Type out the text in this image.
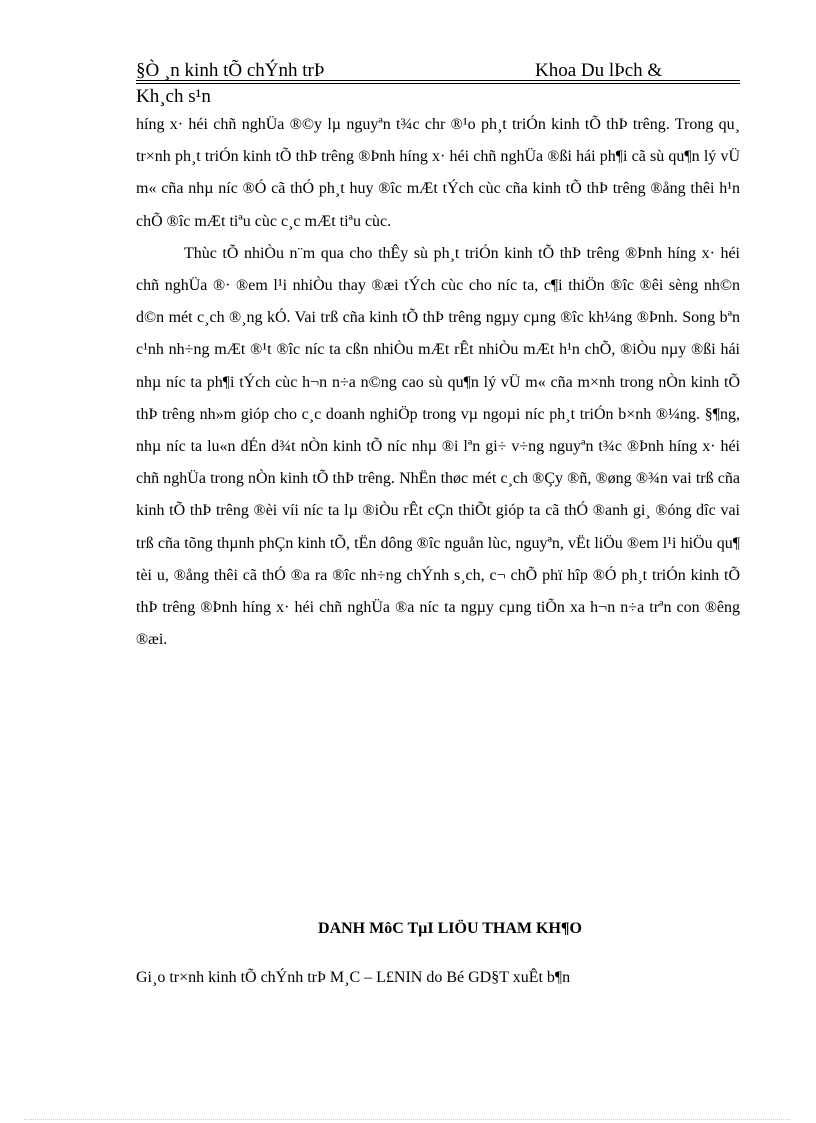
§Ò ¸n kinh tÕ chÝnh trÞ
Kh¸ch s¹n
Khoa Du lÞch &

híng x· héi chñ nghÜa ®©y lµ nguyªn t¾c chr ®¹o ph¸t triÓn kinh tÕ thÞ trêng. Trong qu¸ tr×nh ph¸t triÓn kinh tÕ thÞ trêng ®Þnh híng x· héi chñ nghÜa ®ßi hái ph¶i cã sù qu¶n lý vÜ m« cña nhµ níc ®Ó cã thÓ ph¸t huy ®îc mÆt tÝch cùc cña kinh tÕ thÞ trêng ®ång thêi h¹n chÕ ®îc mÆt tiªu cùc c¸c mÆt tiªu cùc.

Thùc tÕ nhiÒu n¨m qua cho thÊy sù ph¸t triÓn kinh tÕ thÞ trêng ®Þnh híng x· héi chñ nghÜa ®· ®em l¹i nhiÒu thay ®æi tÝch cùc cho níc ta, c¶i thiÖn ®îc ®êi sèng nh©n d©n mét c¸ch ®¸ng kÓ. Vai trß cña kinh tÕ thÞ trêng ngµy cµng ®îc kh¼ng ®Þnh. Song bªn c¹nh nh÷ng mÆt ®¹t ®îc níc ta cßn nhiÒu mÆt rÊt nhiÒu mÆt h¹n chÕ, ®iÒu nµy ®ßi hái nhµ níc ta ph¶i tÝch cùc h¬n n÷a n©ng cao sù qu¶n lý vÜ m« cña m×nh trong nÒn kinh tÕ thÞ trêng nh»m gióp cho c¸c doanh nghiÖp trong vµ ngoµi níc ph¸t triÓn b×nh ®¼ng. §¶ng, nhµ níc ta lu«n dÉn d¾t nÒn kinh tÕ níc nhµ ®i lªn gi÷ v÷ng nguyªn t¾c ®Þnh híng x· héi chñ nghÜa trong nÒn kinh tÕ thÞ trêng. NhËn thøc mét c¸ch ®Çy ®ñ, ®øng ®¾n vai trß cña kinh tÕ thÞ trêng ®èi víi níc ta lµ ®iÒu rÊt cÇn thiÕt gióp ta cã thÓ ®anh gi¸ ®óng dîc vai trß cña tõng thµnh phÇn kinh tÕ, tËn dông ®îc nguån lùc, nguyªn, vËt liÖu ®em l¹i hiÖu qu¶ tèi u, ®ång thêi cã thÓ ®a ra ®îc nh÷ng chÝnh s¸ch, c¬ chÕ phï hîp ®Ó ph¸t triÓn kinh tÕ thÞ trêng ®Þnh híng x· héi chñ nghÜa ®a níc ta ngµy cµng tiÕn xa h¬n n÷a trªn con ®êng ®æi.

DANH MôC TµI LIÖU THAM KH¶O
Gi¸o tr×nh kinh tÕ chÝnh trÞ M¸C – L£NIN do Bé GD§T xuÊt b¶n
